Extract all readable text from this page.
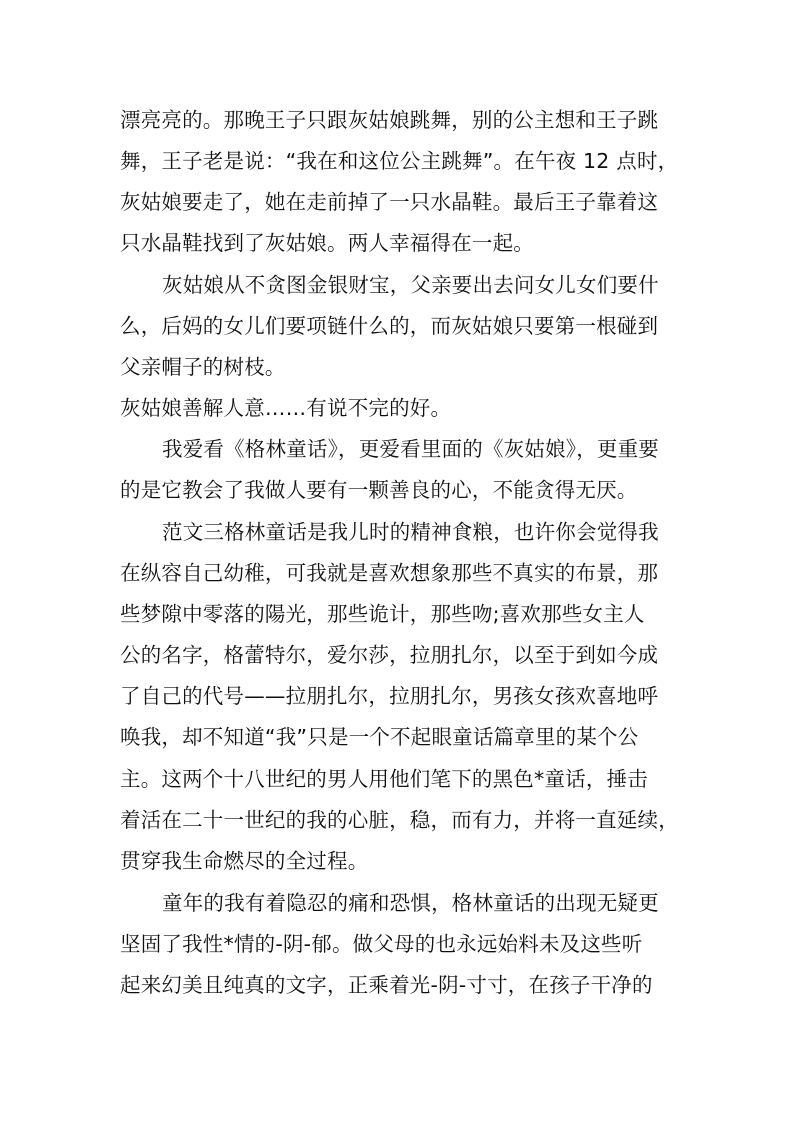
漂亮亮的。那晚王子只跟灰姑娘跳舞，别的公主想和王子跳
舞，王子老是说：“我在和这位公主跳舞”。在午夜 12 点时，
灰姑娘要走了，她在走前掉了一只水晶鞋。最后王子靠着这
只水晶鞋找到了灰姑娘。两人幸福得在一起。
灰姑娘从不贪图金银财宝，父亲要出去问女儿女们要什
么，后妈的女儿们要项链什么的，而灰姑娘只要第一根碰到
父亲帽子的树枝。
灰姑娘善解人意……有说不完的好。
我爱看《格林童话》，更爱看里面的《灰姑娘》，更重要
的是它教会了我做人要有一颗善良的心，不能贪得无厌。
范文三格林童话是我儿时的精神食粮，也许你会觉得我
在纵容自己幼稚，可我就是喜欢想象那些不真实的布景，那
些梦隙中零落的陽光，那些诡计，那些吻;喜欢那些女主人
公的名字，格蕾特尔，爱尔莎，拉朋扎尔，以至于到如今成
了自己的代号——拉朋扎尔，拉朋扎尔，男孩女孩欢喜地呼
唤我，却不知道“我”只是一个不起眼童话篇章里的某个公
主。这两个十八世纪的男人用他们笔下的黑色*童话，捶击
着活在二十一世纪的我的心脏，稳，而有力，并将一直延续，
贯穿我生命燃尽的全过程。
童年的我有着隐忍的痛和恐惧，格林童话的出现无疑更
坚固了我性*情的-阴-郁。做父母的也永远始料未及这些听
起来幻美且纯真的文字，正乘着光-阴-寸寸，在孩子干净的
